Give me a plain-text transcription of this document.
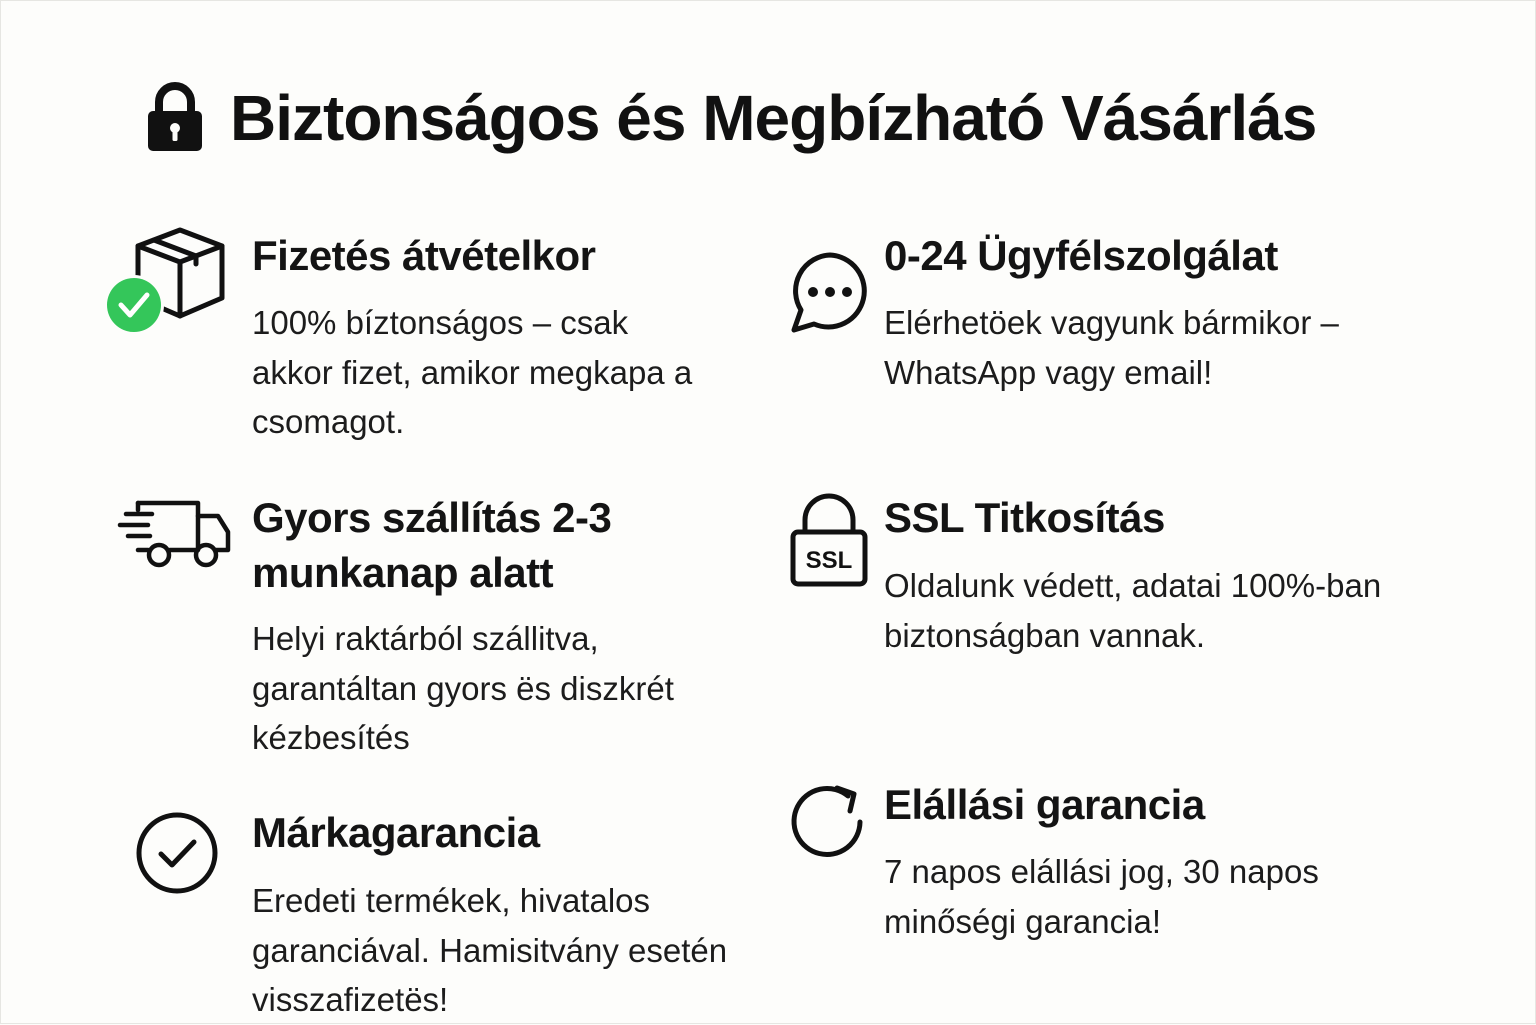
Biztonságos és Megbízható Vásárlás
Fizetés átvételkor

100% bíztonságos – csak akkor fizet, amikor megkapa a csomagot.

0-24 Ügyfélszolgálat

Elérhetöek vagyunk bármikor – WhatsApp vagy email!

Gyors szállítás 2-3 munkanap alatt

Helyi raktárból szállitva, garantáltan gyors ës diszkrét kézbesítés

SSL
SSL Titkosítás

Oldalunk védett, adatai 100%-ban biztonságban vannak.

Márkagarancia

Eredeti termékek, hivatalos garanciával. Hamisitvány esetén visszafizetës!

Elállási garancia

7 napos elállási jog, 30 napos minőségi garancia!
